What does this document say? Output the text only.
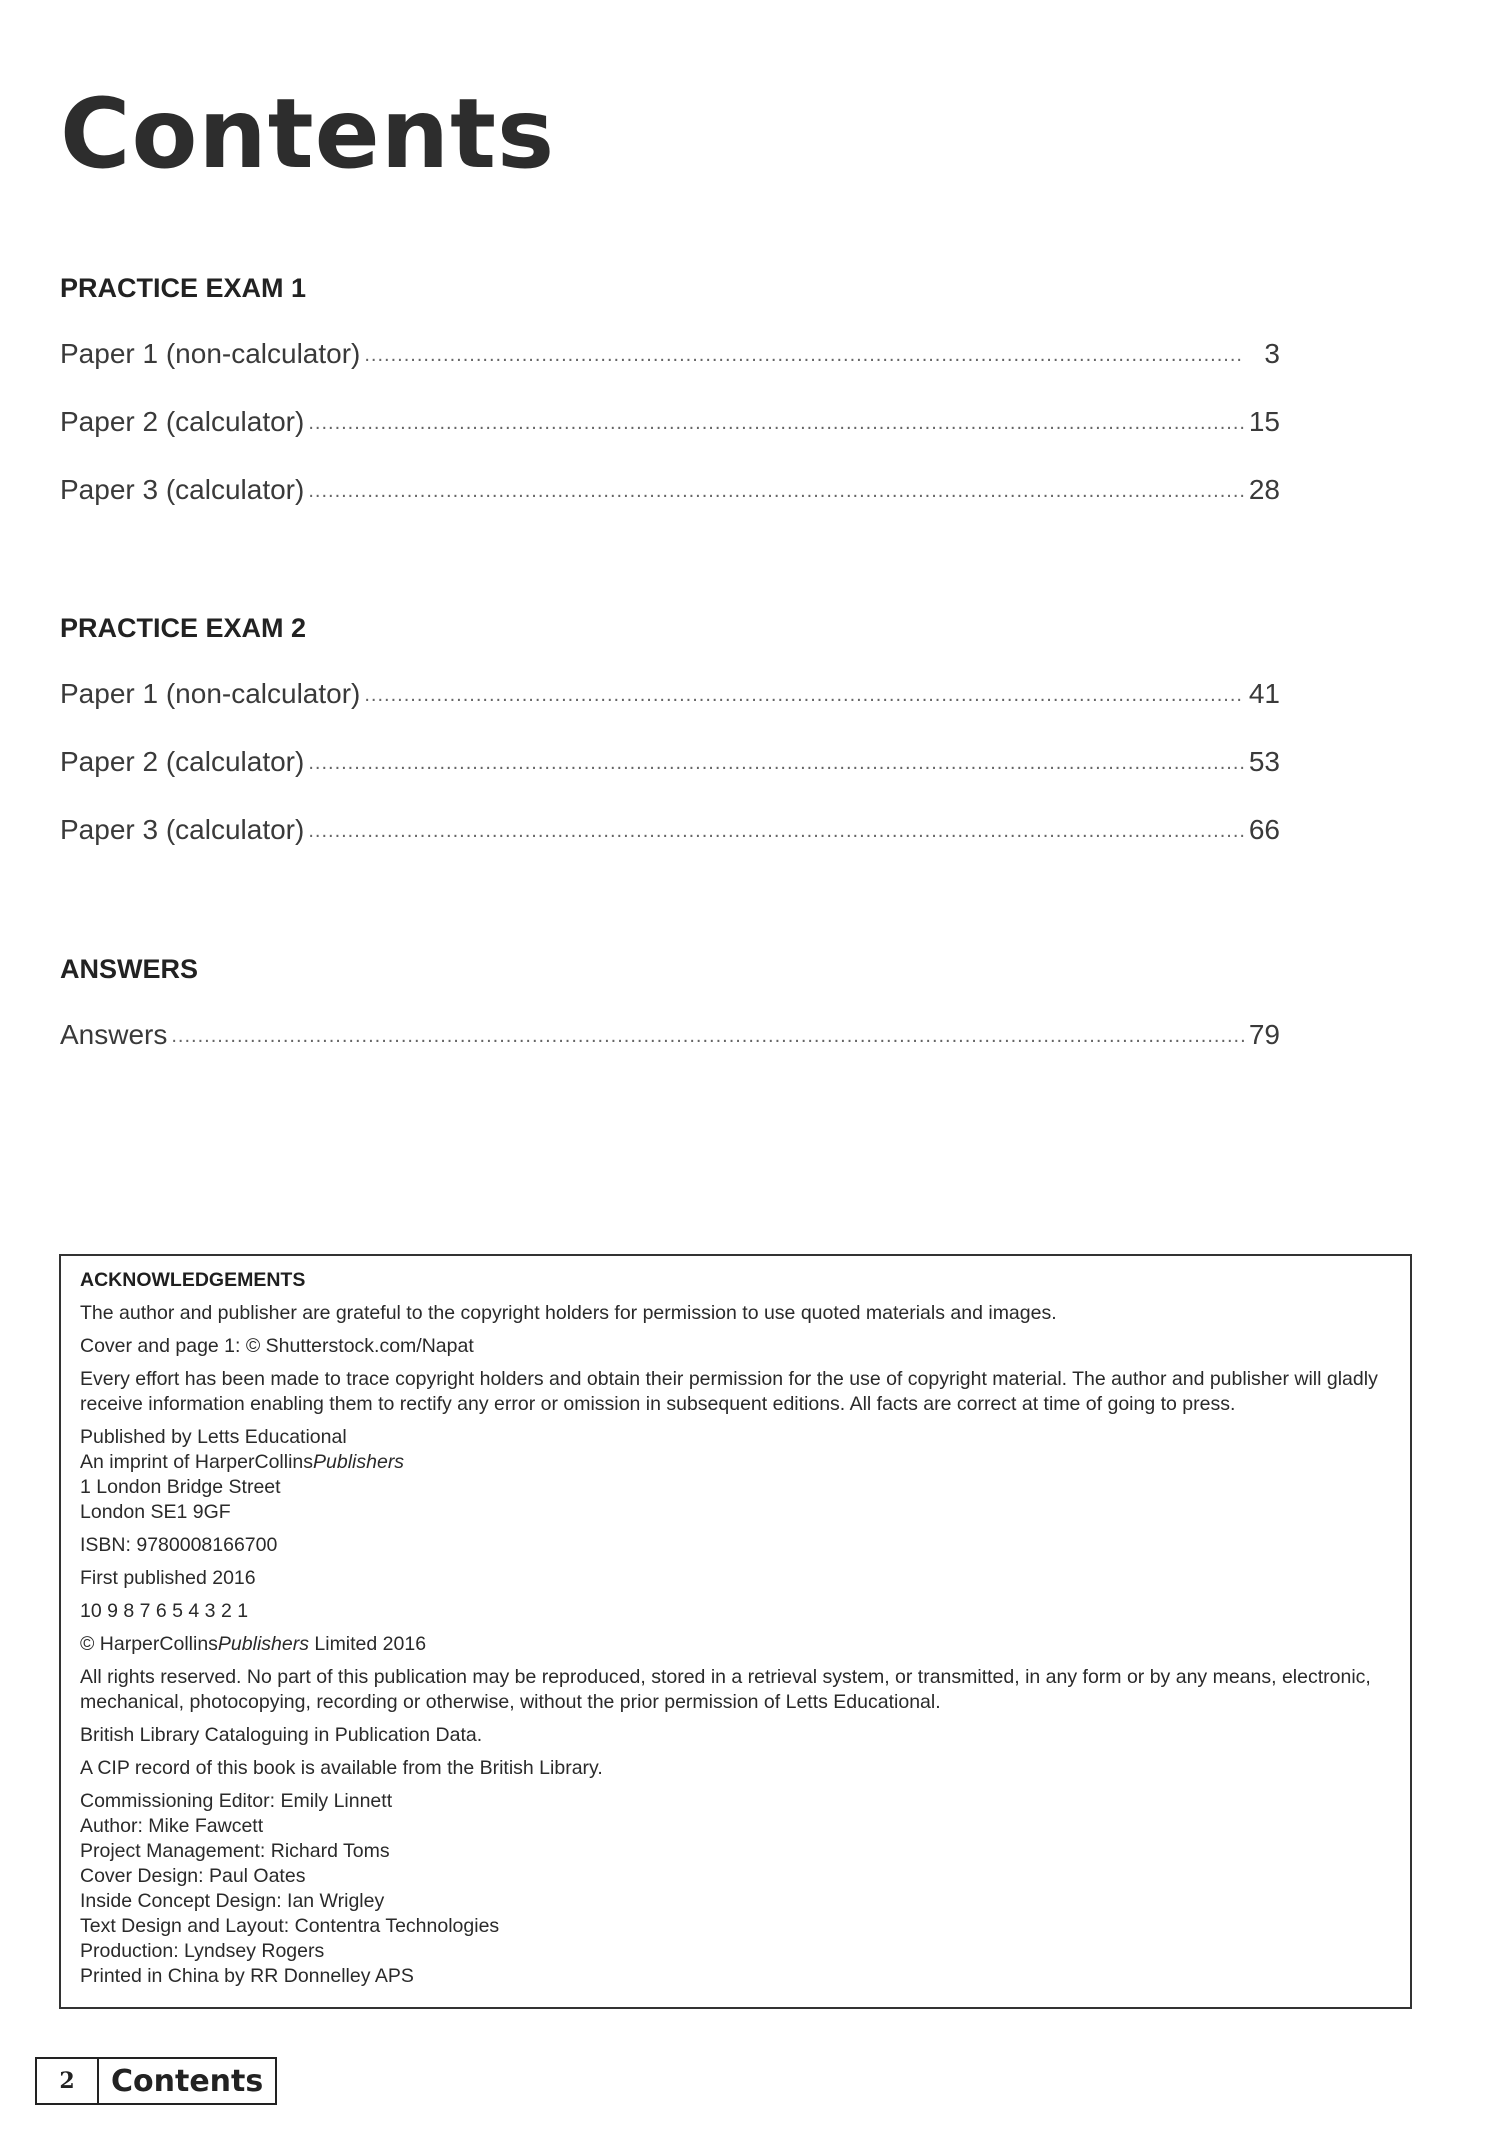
Contents
PRACTICE EXAM 1
Paper 1 (non-calculator) .....	3
Paper 2 (calculator) .....	15
Paper 3 (calculator) .....	28
PRACTICE EXAM 2
Paper 1 (non-calculator) .....	41
Paper 2 (calculator) .....	53
Paper 3 (calculator) .....	66
ANSWERS
Answers .....	79

ACKNOWLEDGEMENTS

The author and publisher are grateful to the copyright holders for permission to use quoted materials and images.

Cover and page 1: © Shutterstock.com/Napat

Every effort has been made to trace copyright holders and obtain their permission for the use of copyright material. The author and publisher will gladly receive information enabling them to rectify any error or omission in subsequent editions. All facts are correct at time of going to press.

Published by Letts Educational
An imprint of HarperCollinsPublishers
1 London Bridge Street
London SE1 9GF

ISBN: 9780008166700

First published 2016

10 9 8 7 6 5 4 3 2 1

© HarperCollinsPublishers Limited 2016

All rights reserved. No part of this publication may be reproduced, stored in a retrieval system, or transmitted, in any form or by any means, electronic, mechanical, photocopying, recording or otherwise, without the prior permission of Letts Educational.

British Library Cataloguing in Publication Data.

A CIP record of this book is available from the British Library.

Commissioning Editor: Emily Linnett
Author: Mike Fawcett
Project Management: Richard Toms
Cover Design: Paul Oates
Inside Concept Design: Ian Wrigley
Text Design and Layout: Contentra Technologies
Production: Lyndsey Rogers
Printed in China by RR Donnelley APS
2	Contents
